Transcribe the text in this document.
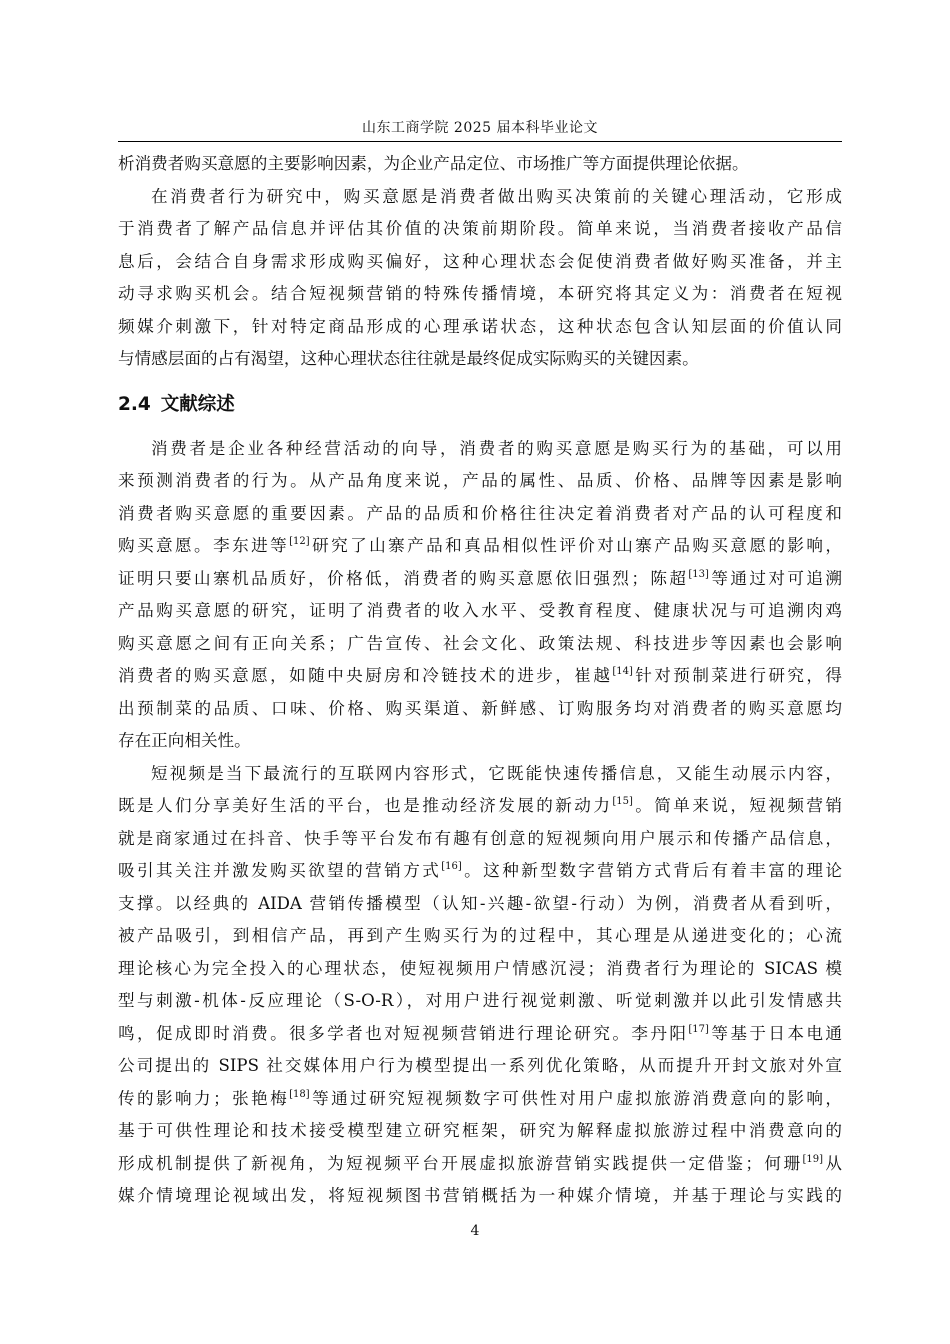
山东工商学院 2025 届本科毕业论文

析消费者购买意愿的主要影响因素，为企业产品定位、市场推广等方面提供理论依据。

在消费者行为研究中，购买意愿是消费者做出购买决策前的关键心理活动，它形成
于消费者了解产品信息并评估其价值的决策前期阶段。简单来说，当消费者接收产品信
息后，会结合自身需求形成购买偏好，这种心理状态会促使消费者做好购买准备，并主
动寻求购买机会。结合短视频营销的特殊传播情境，本研究将其定义为：消费者在短视
频媒介刺激下，针对特定商品形成的心理承诺状态，这种状态包含认知层面的价值认同
与情感层面的占有渴望，这种心理状态往往就是最终促成实际购买的关键因素。

2.4 文献综述

消费者是企业各种经营活动的向导，消费者的购买意愿是购买行为的基础，可以用
来预测消费者的行为。从产品角度来说，产品的属性、品质、价格、品牌等因素是影响
消费者购买意愿的重要因素。产品的品质和价格往往决定着消费者对产品的认可程度和
购买意愿。李东进等[12]研究了山寨产品和真品相似性评价对山寨产品购买意愿的影响，
证明只要山寨机品质好，价格低，消费者的购买意愿依旧强烈；陈超[13]等通过对可追溯
产品购买意愿的研究，证明了消费者的收入水平、受教育程度、健康状况与可追溯肉鸡
购买意愿之间有正向关系；广告宣传、社会文化、政策法规、科技进步等因素也会影响
消费者的购买意愿，如随中央厨房和冷链技术的进步，崔越[14]针对预制菜进行研究，得
出预制菜的品质、口味、价格、购买渠道、新鲜感、订购服务均对消费者的购买意愿均
存在正向相关性。

短视频是当下最流行的互联网内容形式，它既能快速传播信息，又能生动展示内容，
既是人们分享美好生活的平台，也是推动经济发展的新动力[15]。简单来说，短视频营销
就是商家通过在抖音、快手等平台发布有趣有创意的短视频向用户展示和传播产品信息，
吸引其关注并激发购买欲望的营销方式[16]。这种新型数字营销方式背后有着丰富的理论
支撑。以经典的 AIDA 营销传播模型（认知-兴趣-欲望-行动）为例，消费者从看到听，
被产品吸引，到相信产品，再到产生购买行为的过程中，其心理是从递进变化的；心流
理论核心为完全投入的心理状态，使短视频用户情感沉浸；消费者行为理论的 SICAS 模
型与刺激-机体-反应理论（S-O-R），对用户进行视觉刺激、听觉刺激并以此引发情感共
鸣，促成即时消费。很多学者也对短视频营销进行理论研究。李丹阳[17]等基于日本电通
公司提出的 SIPS 社交媒体用户行为模型提出一系列优化策略，从而提升开封文旅对外宣
传的影响力；张艳梅[18]等通过研究短视频数字可供性对用户虚拟旅游消费意向的影响，
基于可供性理论和技术接受模型建立研究框架，研究为解释虚拟旅游过程中消费意向的
形成机制提供了新视角，为短视频平台开展虚拟旅游营销实践提供一定借鉴；何珊[19]从
媒介情境理论视域出发，将短视频图书营销概括为一种媒介情境，并基于理论与实践的

4
